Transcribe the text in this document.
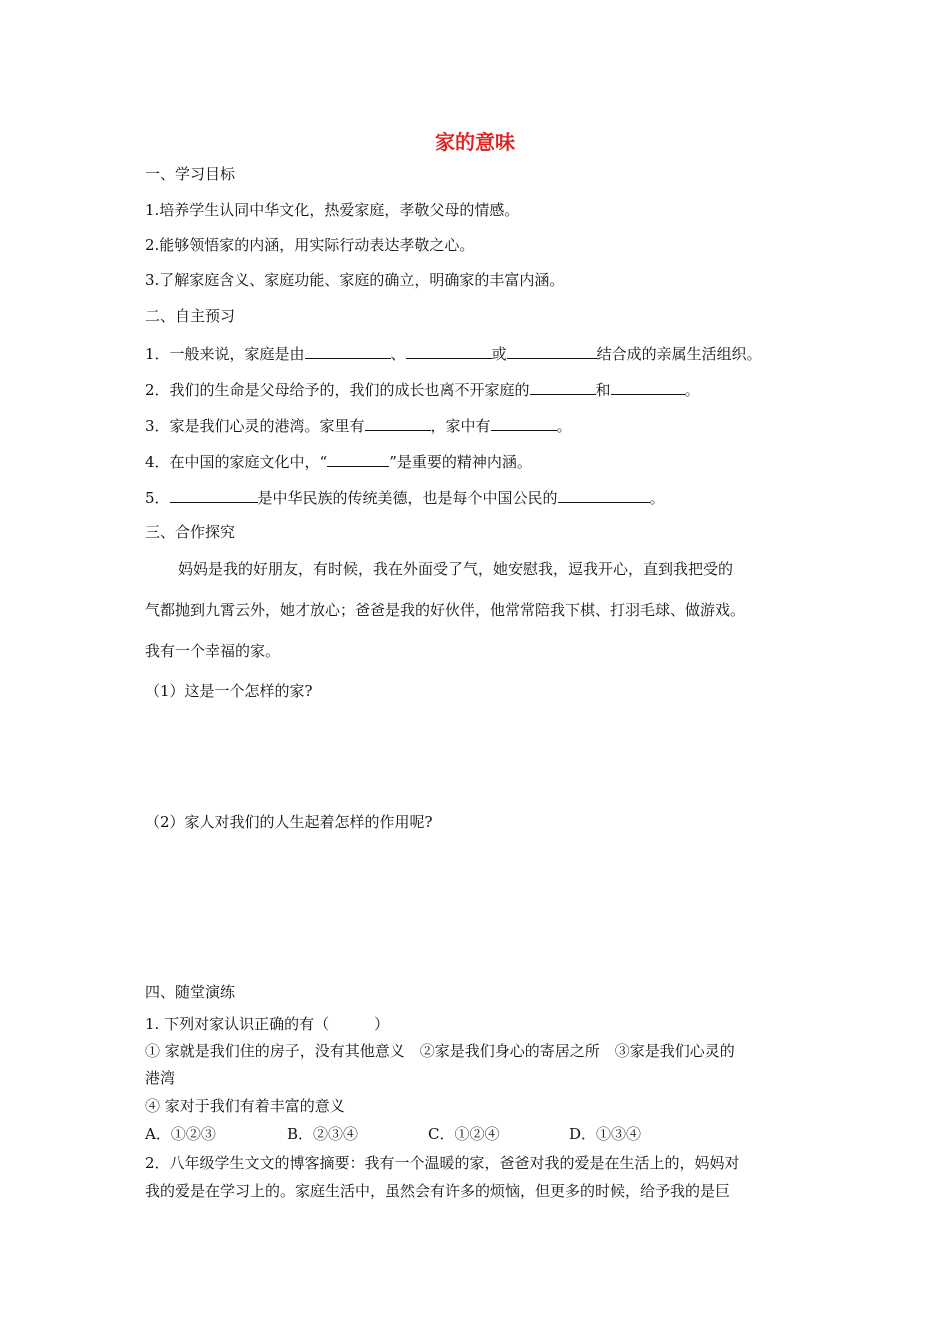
家的意味
一、学习目标
1.培养学生认同中华文化，热爱家庭，孝敬父母的情感。
2.能够领悟家的内涵，用实际行动表达孝敬之心。
3.了解家庭含义、家庭功能、家庭的确立，明确家的丰富内涵。
二、自主预习
1．一般来说，家庭是由	、	或	结合成的亲属生活组织。
2．我们的生命是父母给予的，我们的成长也离不开家庭的	和	。
3．家是我们心灵的港湾。家里有	，家中有	。
4．在中国的家庭文化中，“	”是重要的精神内涵。
5．	是中华民族的传统美德，也是每个中国公民的	。
三、合作探究
妈妈是我的好朋友，有时候，我在外面受了气，她安慰我，逗我开心，直到我把受的
气都抛到九霄云外，她才放心；爸爸是我的好伙伴，他常常陪我下棋、打羽毛球、做游戏。
我有一个幸福的家。
（1）这是一个怎样的家?
（2）家人对我们的人生起着怎样的作用呢?
四、随堂演练
1. 下列对家认识正确的有（　　　）
① 家就是我们住的房子，没有其他意义　②家是我们身心的寄居之所　③家是我们心灵的
港湾
④ 家对于我们有着丰富的意义
A．①②③	B．②③④	C．①②④	D．①③④
2．八年级学生文文的博客摘要：我有一个温暖的家，爸爸对我的爱是在生活上的，妈妈对
我的爱是在学习上的。家庭生活中，虽然会有许多的烦恼，但更多的时候，给予我的是巨
